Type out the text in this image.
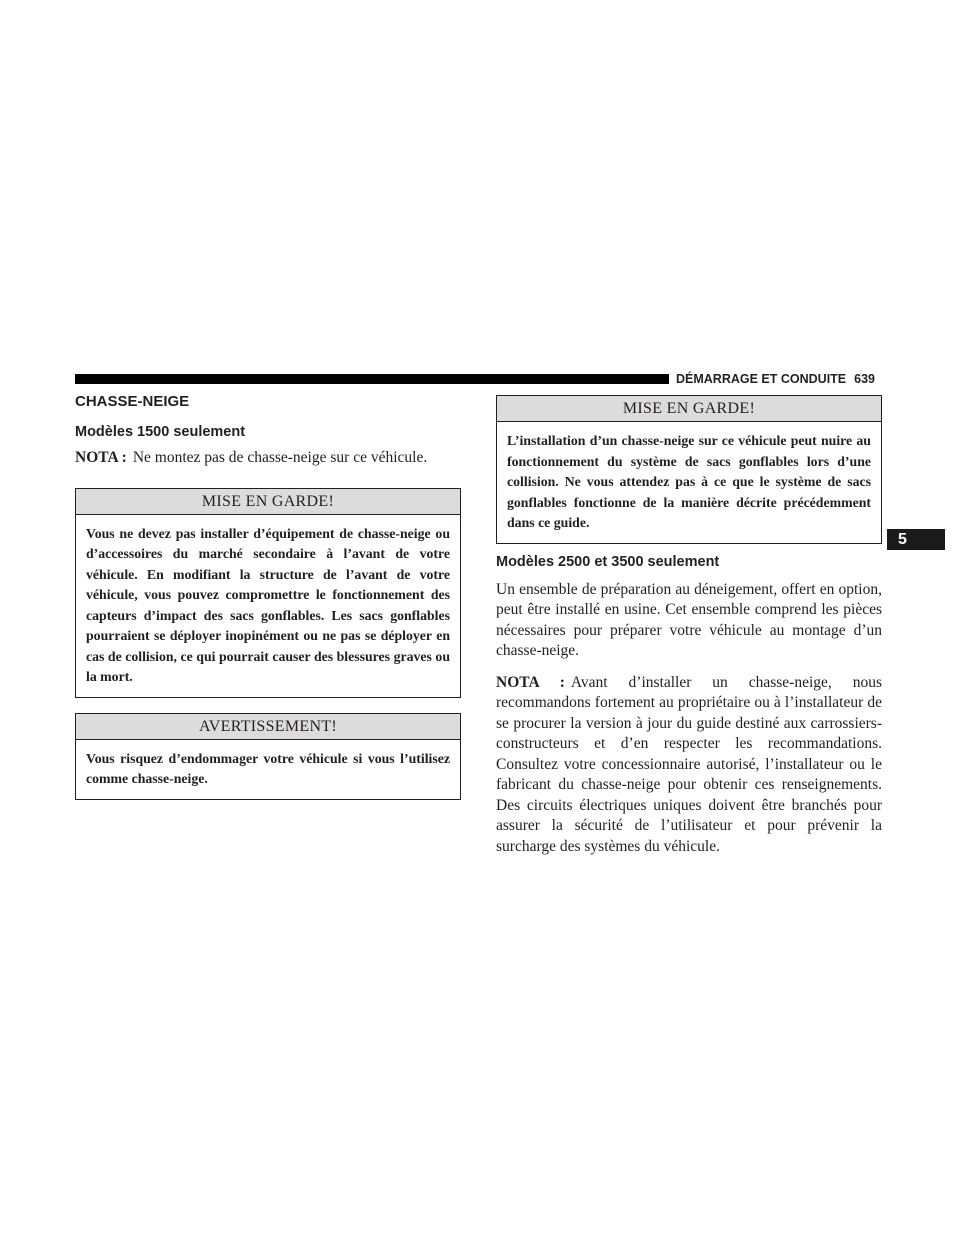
DÉMARRAGE ET CONDUITE 639
5
CHASSE-NEIGE
Modèles 1500 seulement

NOTA : Ne montez pas de chasse-neige sur ce véhicule.

MISE EN GARDE!
Vous ne devez pas installer d’équipement de chasse-neige ou d’accessoires du marché secondaire à l’avant de votre véhicule. En modifiant la structure de l’avant de votre véhicule, vous pouvez compromettre le fonctionnement des capteurs d’impact des sacs gonflables. Les sacs gonflables pourraient se déployer inopinément ou ne pas se déployer en cas de collision, ce qui pourrait causer des blessures graves ou la mort.
AVERTISSEMENT!
Vous risquez d’endommager votre véhicule si vous l’utilisez comme chasse-neige.
MISE EN GARDE!
L’installation d’un chasse-neige sur ce véhicule peut nuire au fonctionnement du système de sacs gonflables lors d’une collision. Ne vous attendez pas à ce que le système de sacs gonflables fonctionne de la manière décrite précédemment dans ce guide.
Modèles 2500 et 3500 seulement

Un ensemble de préparation au déneigement, offert en option, peut être installé en usine. Cet ensemble comprend les pièces nécessaires pour préparer votre véhicule au montage d’un chasse-neige.

NOTA : Avant d’installer un chasse-neige, nous recommandons fortement au propriétaire ou à l’installateur de se procurer la version à jour du guide destiné aux carrossiers-constructeurs et d’en respecter les recommandations. Consultez votre concessionnaire autorisé, l’installateur ou le fabricant du chasse-neige pour obtenir ces renseignements. Des circuits électriques uniques doivent être branchés pour assurer la sécurité de l’utilisateur et pour prévenir la surcharge des systèmes du véhicule.
